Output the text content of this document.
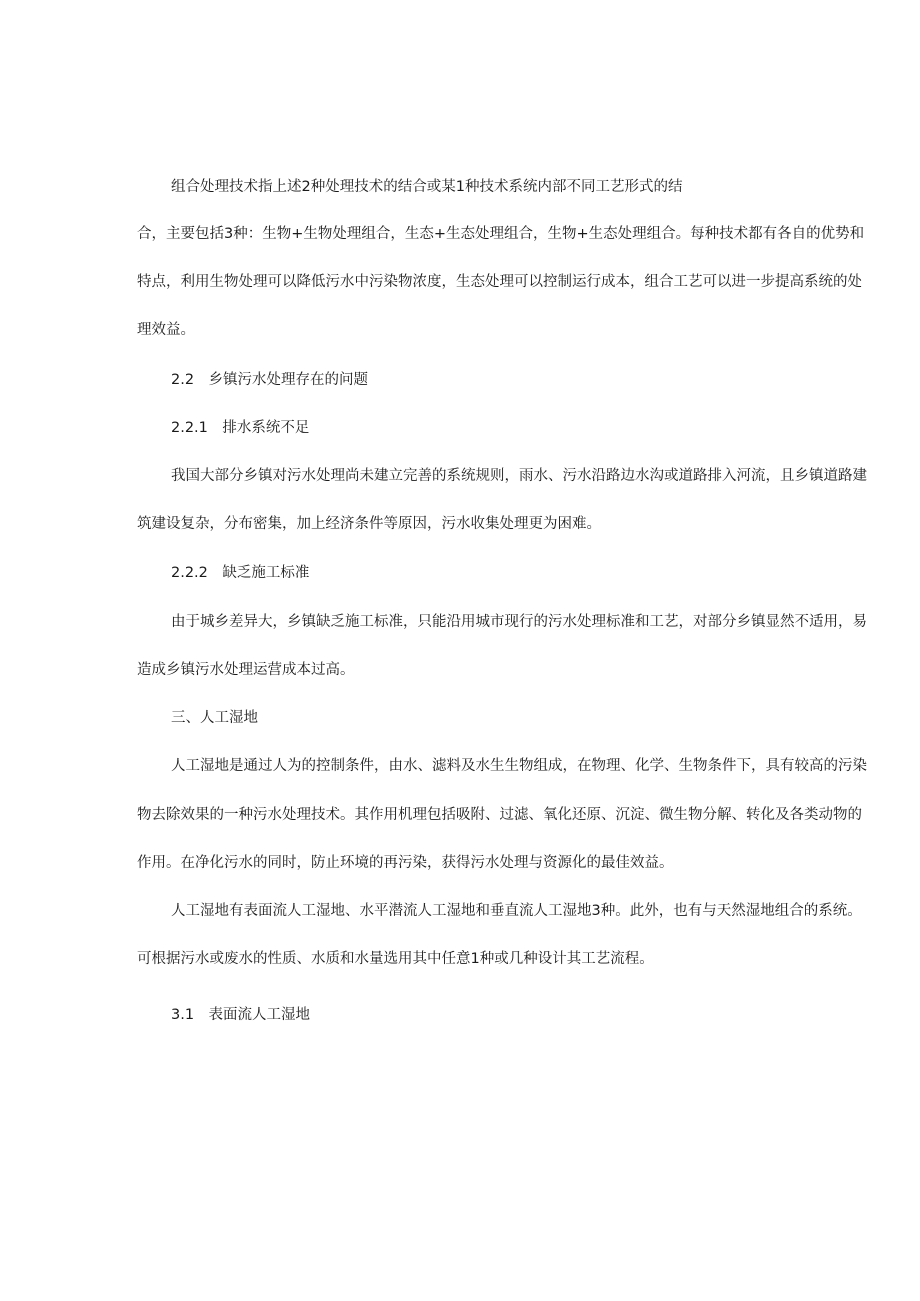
组合处理技术指上述2种处理技术的结合或某1种技术系统内部不同工艺形式的结
合，主要包括3种：生物+生物处理组合，生态+生态处理组合，生物+生态处理组合。每种技术都有各自的优势和
特点，利用生物处理可以降低污水中污染物浓度，生态处理可以控制运行成本，组合工艺可以进一步提高系统的处
理效益。
2.2　乡镇污水处理存在的问题
2.2.1　排水系统不足
我国大部分乡镇对污水处理尚未建立完善的系统规则，雨水、污水沿路边水沟或道路排入河流，且乡镇道路建
筑建设复杂，分布密集，加上经济条件等原因，污水收集处理更为困难。
2.2.2　缺乏施工标准
由于城乡差异大，乡镇缺乏施工标准，只能沿用城市现行的污水处理标准和工艺，对部分乡镇显然不适用，易
造成乡镇污水处理运营成本过高。
三、人工湿地
人工湿地是通过人为的控制条件，由水、滤料及水生生物组成，在物理、化学、生物条件下，具有较高的污染
物去除效果的一种污水处理技术。其作用机理包括吸附、过滤、氧化还原、沉淀、微生物分解、转化及各类动物的
作用。在净化污水的同时，防止环境的再污染，获得污水处理与资源化的最佳效益。
人工湿地有表面流人工湿地、水平潜流人工湿地和垂直流人工湿地3种。此外，也有与天然湿地组合的系统。
可根据污水或废水的性质、水质和水量选用其中任意1种或几种设计其工艺流程。
3.1　表面流人工湿地
